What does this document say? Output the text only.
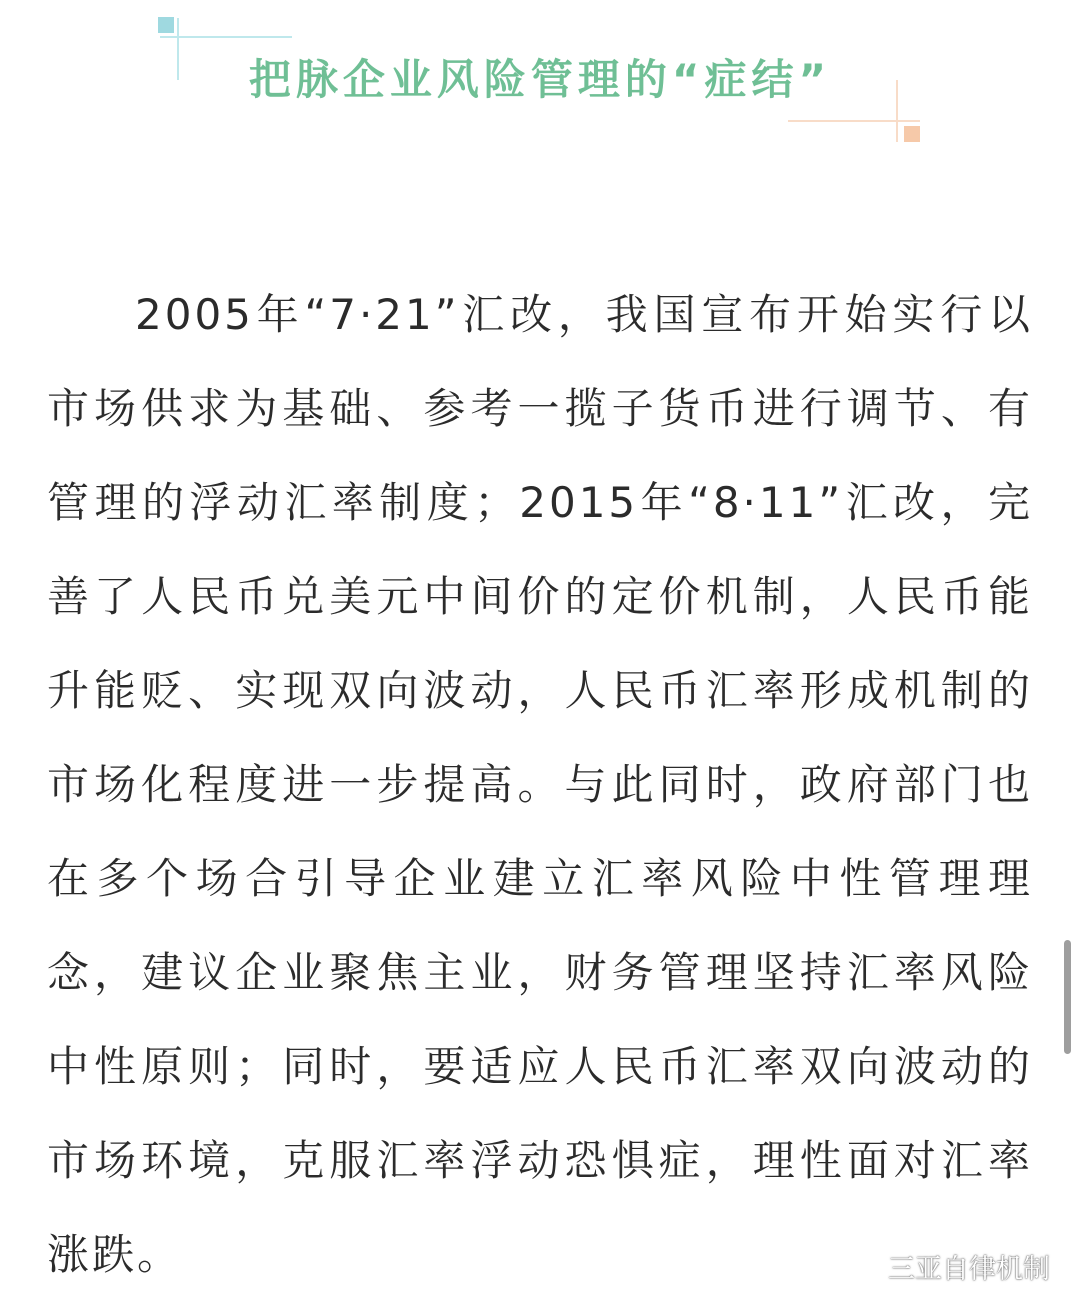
把脉企业风险管理的“症结”

2005年“7·21”汇改，我国宣布开始实行以市场供求为基础、参考一揽子货币进行调节、有管理的浮动汇率制度；2015年“8·11”汇改，完善了人民币兑美元中间价的定价机制，人民币能升能贬、实现双向波动，人民币汇率形成机制的市场化程度进一步提高。与此同时，政府部门也在多个场合引导企业建立汇率风险中性管理理念，建议企业聚焦主业，财务管理坚持汇率风险中性原则；同时，要适应人民币汇率双向波动的市场环境，克服汇率浮动恐惧症，理性面对汇率涨跌。	三亚自律机制
